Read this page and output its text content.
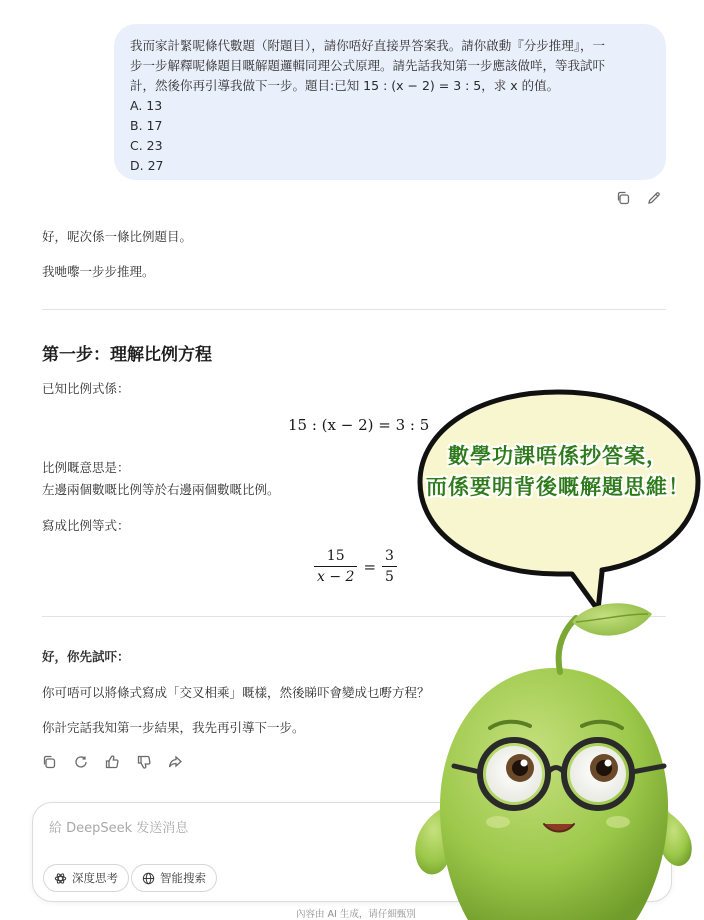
我而家計緊呢條代數題（附題目），請你唔好直接畀答案我。請你啟動『分步推理』，一
步一步解釋呢條題目嘅解題邏輯同理公式原理。請先話我知第一步應該做咩，等我試吓
計，然後你再引導我做下一步。題目:已知 15 : (x − 2) = 3 : 5，求 x 的值。
A. 13
B. 17
C. 23
D. 27
好，呢次係一條比例題目。
我哋嚟一步步推理。
第一步：理解比例方程
已知比例式係：
15 : (x − 2) = 3 : 5
比例嘅意思是：
左邊兩個數嘅比例等於右邊兩個數嘅比例。
寫成比例等式：
$\frac{15}{x - 2} = \frac{3}{5}$
好，你先試吓：
你可唔可以將條式寫成「交叉相乘」嘅樣，然後睇吓會變成乜嘢方程？
你計完話我知第一步結果，我先再引導下一步。
給 DeepSeek 发送消息
深度思考	智能搜索
內容由 AI 生成，请仔細甄別
數學功課唔係抄答案，
而係要明背後嘅解題思維！
